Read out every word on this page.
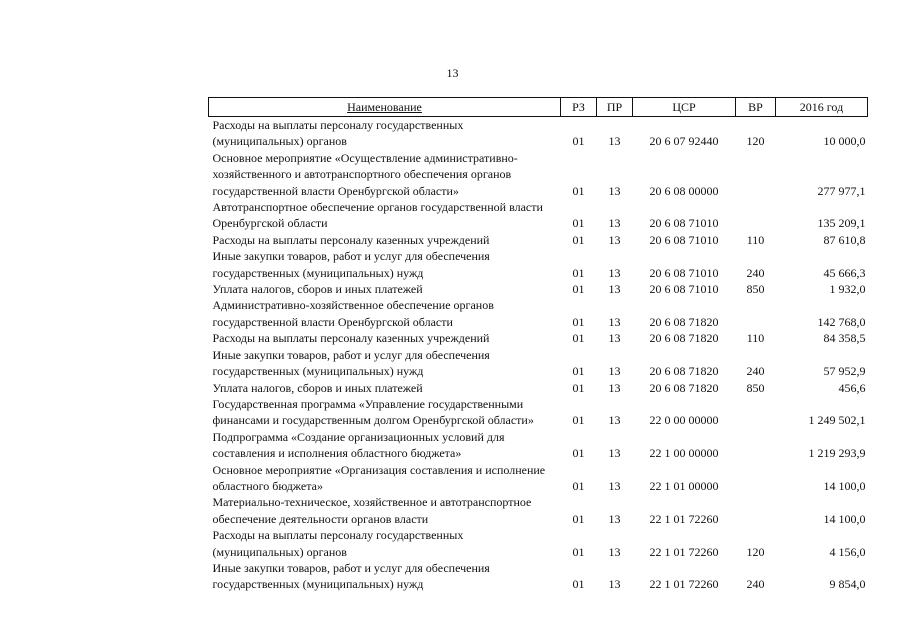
13
Наименование	РЗ	ПР	ЦСР	ВР	2016 год
Расходы на выплаты персоналу государственных (муниципальных) органов	01	13	20 6 07 92440	120	10 000,0
Основное мероприятие «Осуществление административно-хозяйственного и автотранспортного обеспечения органов государственной власти Оренбургской области»	01	13	20 6 08 00000		277 977,1
Автотранспортное обеспечение органов государственной власти Оренбургской области	01	13	20 6 08 71010		135 209,1
Расходы на выплаты персоналу казенных учреждений	01	13	20 6 08 71010	110	87 610,8
Иные закупки товаров, работ и услуг для обеспечения государственных (муниципальных) нужд	01	13	20 6 08 71010	240	45 666,3
Уплата налогов, сборов и иных платежей	01	13	20 6 08 71010	850	1 932,0
Административно-хозяйственное обеспечение органов государственной власти Оренбургской области	01	13	20 6 08 71820		142 768,0
Расходы на выплаты персоналу казенных учреждений	01	13	20 6 08 71820	110	84 358,5
Иные закупки товаров, работ и услуг для обеспечения государственных (муниципальных) нужд	01	13	20 6 08 71820	240	57 952,9
Уплата налогов, сборов и иных платежей	01	13	20 6 08 71820	850	456,6
Государственная программа «Управление государственными финансами и государственным долгом Оренбургской области»	01	13	22 0 00 00000		1 249 502,1
Подпрограмма «Создание организационных условий для составления и исполнения областного бюджета»	01	13	22 1 00 00000		1 219 293,9
Основное мероприятие «Организация составления и исполнение областного бюджета»	01	13	22 1 01 00000		14 100,0
Материально-техническое, хозяйственное и автотранспортное обеспечение деятельности органов власти	01	13	22 1 01 72260		14 100,0
Расходы на выплаты персоналу государственных (муниципальных) органов	01	13	22 1 01 72260	120	4 156,0
Иные закупки товаров, работ и услуг для обеспечения государственных (муниципальных) нужд	01	13	22 1 01 72260	240	9 854,0
